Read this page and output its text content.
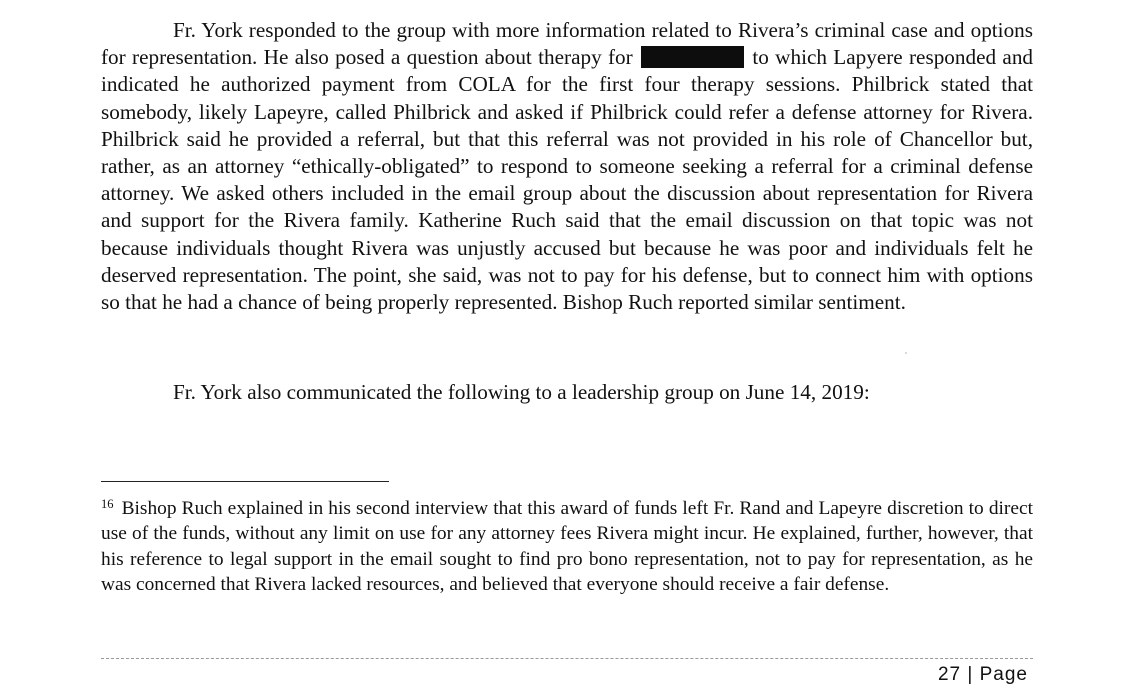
Fr. York responded to the group with more information related to Rivera’s criminal case and options for representation. He also posed a question about therapy for	to which Lapyere responded and indicated he authorized payment from COLA for the first four therapy sessions. Philbrick stated that somebody, likely Lapeyre, called Philbrick and asked if Philbrick could refer a defense attorney for Rivera. Philbrick said he provided a referral, but that this referral was not provided in his role of Chancellor but, rather, as an attorney “ethically-obligated” to respond to someone seeking a referral for a criminal defense attorney. We asked others included in the email group about the discussion about representation for Rivera and support for the Rivera family. Katherine Ruch said that the email discussion on that topic was not because individuals thought Rivera was unjustly accused but because he was poor and individuals felt he deserved representation. The point, she said, was not to pay for his defense, but to connect him with options so that he had a chance of being properly represented. Bishop Ruch reported similar sentiment.

Fr. York also communicated the following to a leadership group on June 14, 2019:

$^{16}$ Bishop Ruch explained in his second interview that this award of funds left Fr. Rand and Lapeyre discretion to direct use of the funds, without any limit on use for any attorney fees Rivera might incur. He explained, further, however, that his reference to legal support in the email sought to find pro bono representation, not to pay for representation, as he was concerned that Rivera lacked resources, and believed that everyone should receive a fair defense.

27 | Page
